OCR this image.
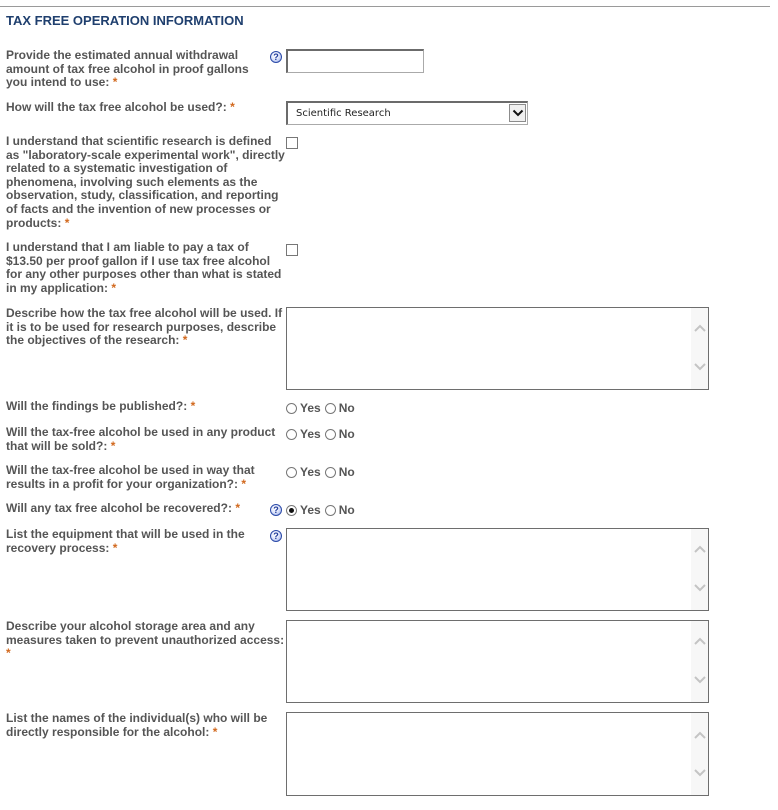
TAX FREE OPERATION INFORMATION
Provide the estimated annual withdrawal amount of tax free alcohol in proof gallons you intend to use: *
?
How will the tax free alcohol be used?: *	Scientific Research
I understand that scientific research is defined as "laboratory-scale experimental work", directly related to a systematic investigation of phenomena, involving such elements as the observation, study, classification, and reporting of facts and the invention of new processes or products: *
I understand that I am liable to pay a tax of $13.50 per proof gallon if I use tax free alcohol for any other purposes other than what is stated in my application: *
Describe how the tax free alcohol will be used. If it is to be used for research purposes, describe the objectives of the research: *
Will the findings be published?: *	Yes No
Will the tax-free alcohol be used in any product that will be sold?: *
Yes No
Will the tax-free alcohol be used in way that results in a profit for your organization?: *
Yes No
Will any tax free alcohol be recovered?: *	?	Yes No
List the equipment that will be used in the recovery process: *
?
Describe your alcohol storage area and any measures taken to prevent unauthorized access: *
List the names of the individual(s) who will be directly responsible for the alcohol: *
